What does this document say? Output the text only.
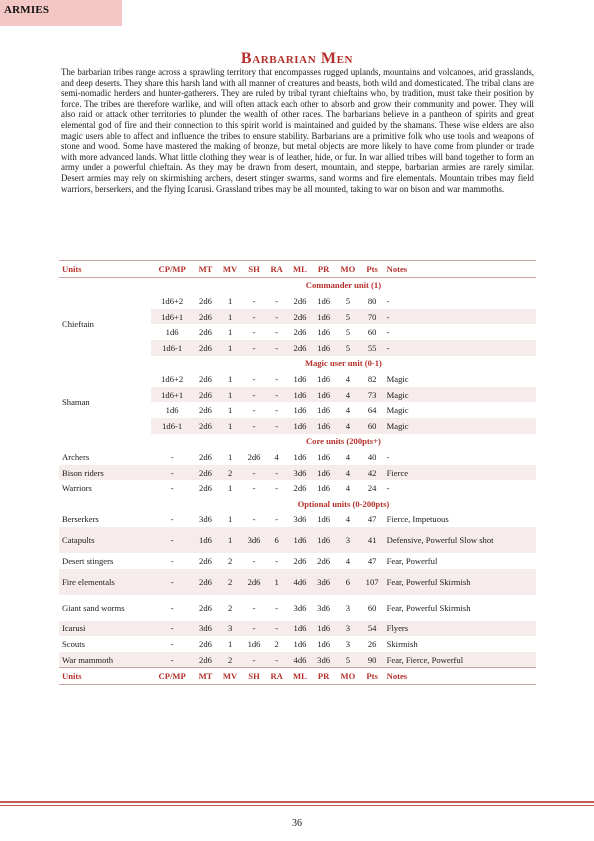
ARMIES
Barbarian Men

The barbarian tribes range across a sprawling territory that encompasses rugged uplands, mountains and volcanoes, arid grasslands, and deep deserts. They share this harsh land with all manner of creatures and beasts, both wild and domesticated. The tribal clans are semi-nomadic herders and hunter-gatherers. They are ruled by tribal tyrant chieftains who, by tradition, must take their position by force. The tribes are therefore warlike, and will often attack each other to absorb and grow their community and power. They will also raid or attack other territories to plunder the wealth of other races. The barbarians believe in a pantheon of spirits and great elemental god of fire and their connection to this spirit world is maintained and guided by the shamans. These wise elders are also magic users able to affect and influence the tribes to ensure stability. Barbarians are a primitive folk who use tools and weapons of stone and wood. Some have mastered the making of bronze, but metal objects are more likely to have come from plunder or trade with more advanced lands. What little clothing they wear is of leather, hide, or fur. In war allied tribes will band together to form an army under a powerful chieftain. As they may be drawn from desert, mountain, and steppe, barbarian armies are rarely similar. Desert armies may rely on skirmishing archers, desert stinger swarms, sand worms and fire elementals. Mountain tribes may field warriors, berserkers, and the flying Icarusi. Grassland tribes may be all mounted, taking to war on bison and war mammoths.

Units	CP/MP	MT	MV	SH	RA	ML	PR	MO	Pts	Notes
	Commander unit (1)									
Chieftain	1d6+2	2d6	1	-	-	2d6	1d6	5	80	-
	1d6+1	2d6	1	-	-	2d6	1d6	5	70	-
	1d6	2d6	1	-	-	2d6	1d6	5	60	-
	1d6-1	2d6	1	-	-	2d6	1d6	5	55	-
	Magic user unit (0-1)									
Shaman	1d6+2	2d6	1	-	-	1d6	1d6	4	82	Magic
	1d6+1	2d6	1	-	-	1d6	1d6	4	73	Magic
	1d6	2d6	1	-	-	1d6	1d6	4	64	Magic
	1d6-1	2d6	1	-	-	1d6	1d6	4	60	Magic
	Core units (200pts+)									
Archers	-	2d6	1	2d6	4	1d6	1d6	4	40	-
Bison riders	-	2d6	2	-	-	3d6	1d6	4	42	Fierce
Warriors	-	2d6	1	-	-	2d6	1d6	4	24	-
	Optional units (0-200pts)									
Berserkers	-	3d6	1	-	-	3d6	1d6	4	47	Fierce, Impetuous
Catapults	-	1d6	1	3d6	6	1d6	1d6	3	41	Defensive, Powerful Slow shot
Desert stingers	-	2d6	2	-	-	2d6	2d6	4	47	Fear, Powerful
Fire elementals	-	2d6	2	2d6	1	4d6	3d6	6	107	Fear, Powerful Skirmish
Giant sand worms	-	2d6	2	-	-	3d6	3d6	3	60	Fear, Powerful Skirmish
Icarusi	-	3d6	3	-	-	1d6	1d6	3	54	Flyers
Scouts	-	2d6	1	1d6	2	1d6	1d6	3	26	Skirmish
War mammoth	-	2d6	2	-	-	4d6	3d6	5	90	Fear, Fierce, Powerful
Units	CP/MP	MT	MV	SH	RA	ML	PR	MO	Pts	Notes
36
